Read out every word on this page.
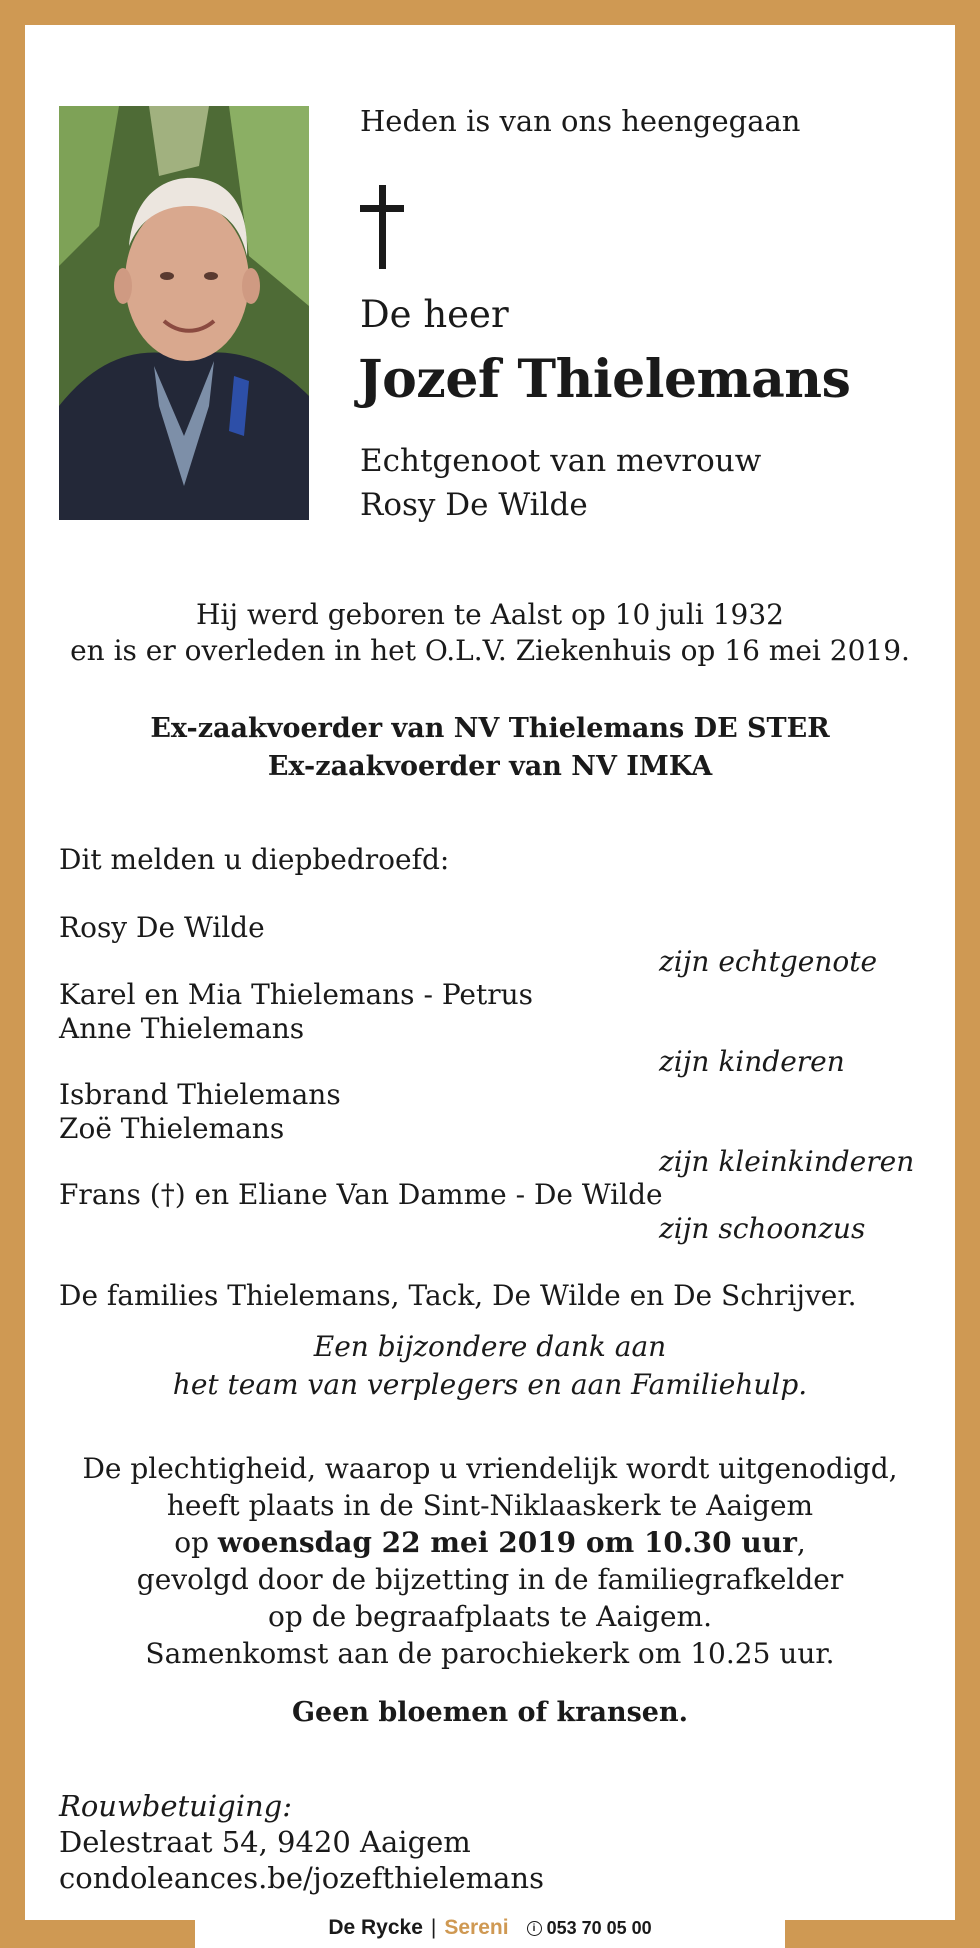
Heden is van ons heengegaan
De heer
Jozef Thielemans
Echtgenoot van mevrouw
Rosy De Wilde
Hij werd geboren te Aalst op 10 juli 1932
en is er overleden in het O.L.V. Ziekenhuis op 16 mei 2019.
Ex-zaakvoerder van NV Thielemans DE STER
Ex-zaakvoerder van NV IMKA
Dit melden u diepbedroefd:
Rosy De Wilde
zijn echtgenote
Karel en Mia Thielemans - Petrus
Anne Thielemans
zijn kinderen
Isbrand Thielemans
Zoë Thielemans
zijn kleinkinderen
Frans (†) en Eliane Van Damme - De Wilde
zijn schoonzus
De families Thielemans, Tack, De Wilde en De Schrijver.
Een bijzondere dank aan
het team van verplegers en aan Familiehulp.
De plechtigheid, waarop u vriendelijk wordt uitgenodigd,
heeft plaats in de Sint-Niklaaskerk te Aaigem
op woensdag 22 mei 2019 om 10.30 uur,
gevolgd door de bijzetting in de familiegrafkelder
op de begraafplaats te Aaigem.
Samenkomst aan de parochiekerk om 10.25 uur.
Geen bloemen of kransen.
Rouwbetuiging:
Delestraat 54, 9420 Aaigem
condoleances.be/jozefthielemans
De Rycke | Sereni	i 053 70 05 00
